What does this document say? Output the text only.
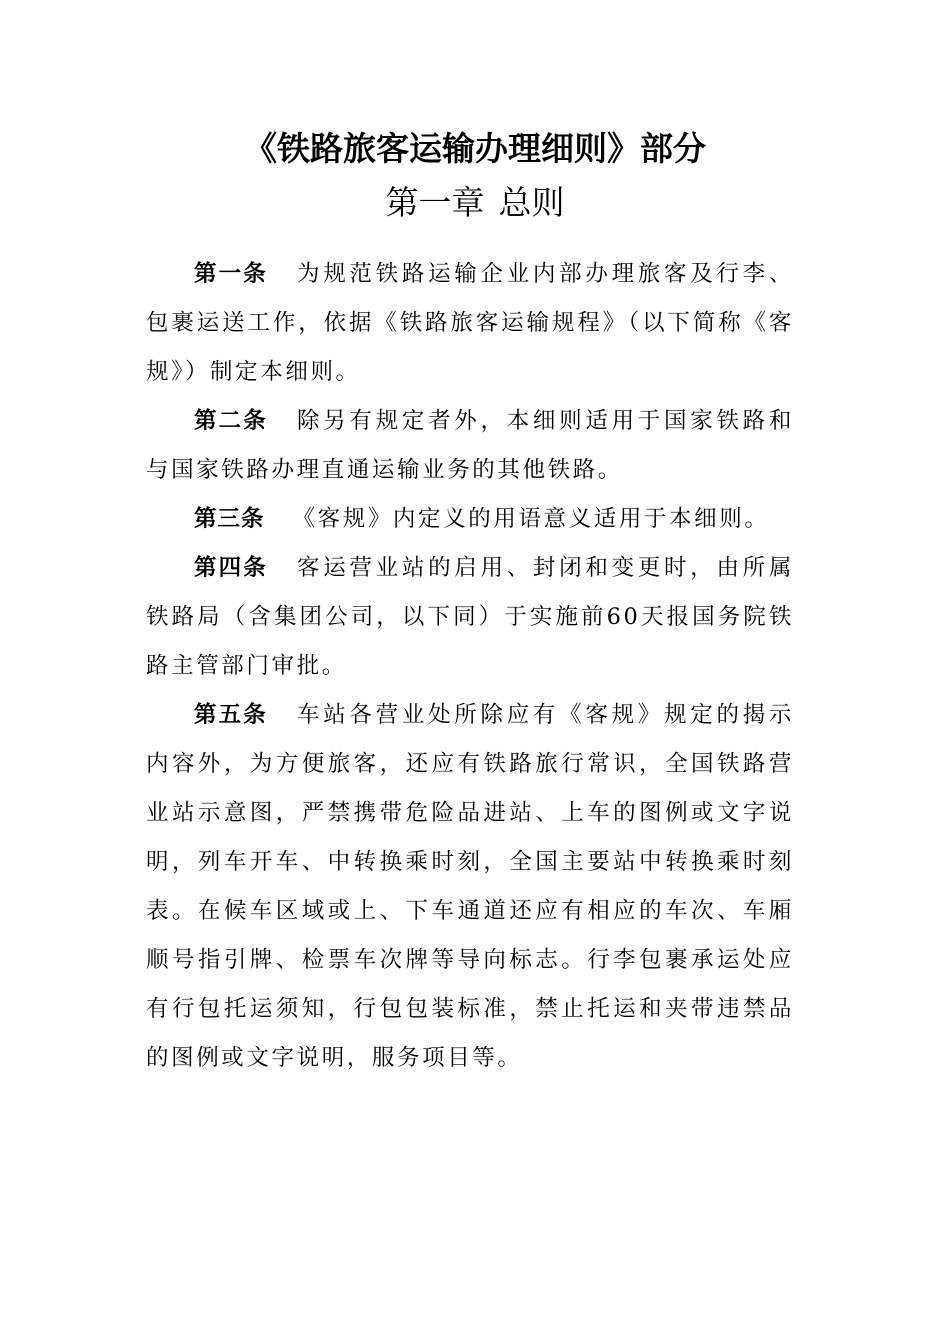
《铁路旅客运输办理细则》部分
第一章 总则

第一条 为规范铁路运输企业内部办理旅客及行李、包裹运送工作，依据《铁路旅客运输规程》（以下简称《客规》）制定本细则。

第二条 除另有规定者外，本细则适用于国家铁路和与国家铁路办理直通运输业务的其他铁路。

第三条 《客规》内定义的用语意义适用于本细则。

第四条 客运营业站的启用、封闭和变更时，由所属铁路局（含集团公司，以下同）于实施前60天报国务院铁路主管部门审批。

第五条 车站各营业处所除应有《客规》规定的揭示内容外，为方便旅客，还应有铁路旅行常识，全国铁路营业站示意图，严禁携带危险品进站、上车的图例或文字说明，列车开车、中转换乘时刻，全国主要站中转换乘时刻表。在候车区域或上、下车通道还应有相应的车次、车厢顺号指引牌、检票车次牌等导向标志。行李包裹承运处应有行包托运须知，行包包装标准，禁止托运和夹带违禁品的图例或文字说明，服务项目等。
